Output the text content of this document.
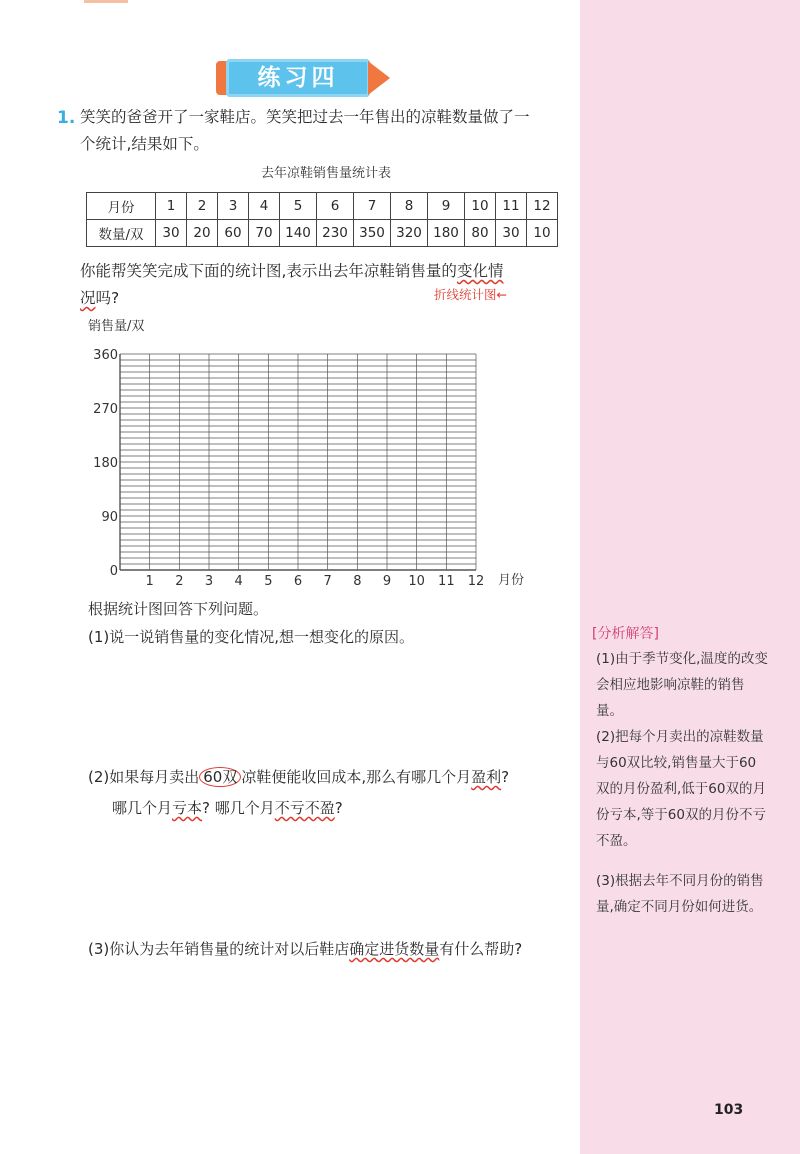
练习四
1. 笑笑的爸爸开了一家鞋店。笑笑把过去一年售出的凉鞋数量做了一
个统计,结果如下。
去年凉鞋销售量统计表
月份	1	2	3	4	5	6	7	8	9	10	11	12
数量/双	30	20	60	70	140	230	350	320	180	80	30	10
你能帮笑笑完成下面的统计图,表示出去年凉鞋销售量的变化情
况吗?	折线统计图←
销售量/双
0
90
180
270
360
1 2 3 4 5 6 7 8 9 10 11 12 月份
根据统计图回答下列问题。
(1)说一说销售量的变化情况,想一想变化的原因。
(2)如果每月卖出 60双 凉鞋便能收回成本,那么有哪几个月盈利?
哪几个月亏本? 哪几个月不亏不盈?
(3)你认为去年销售量的统计对以后鞋店确定进货数量有什么帮助?
[分析解答]
(1)由于季节变化,温度的改变会相应地影响凉鞋的销售量。
(2)把每个月卖出的凉鞋数量与60双比较,销售量大于60双的月份盈利,低于60双的月份亏本,等于60双的月份不亏不盈。
(3)根据去年不同月份的销售量,确定不同月份如何进货。
103
